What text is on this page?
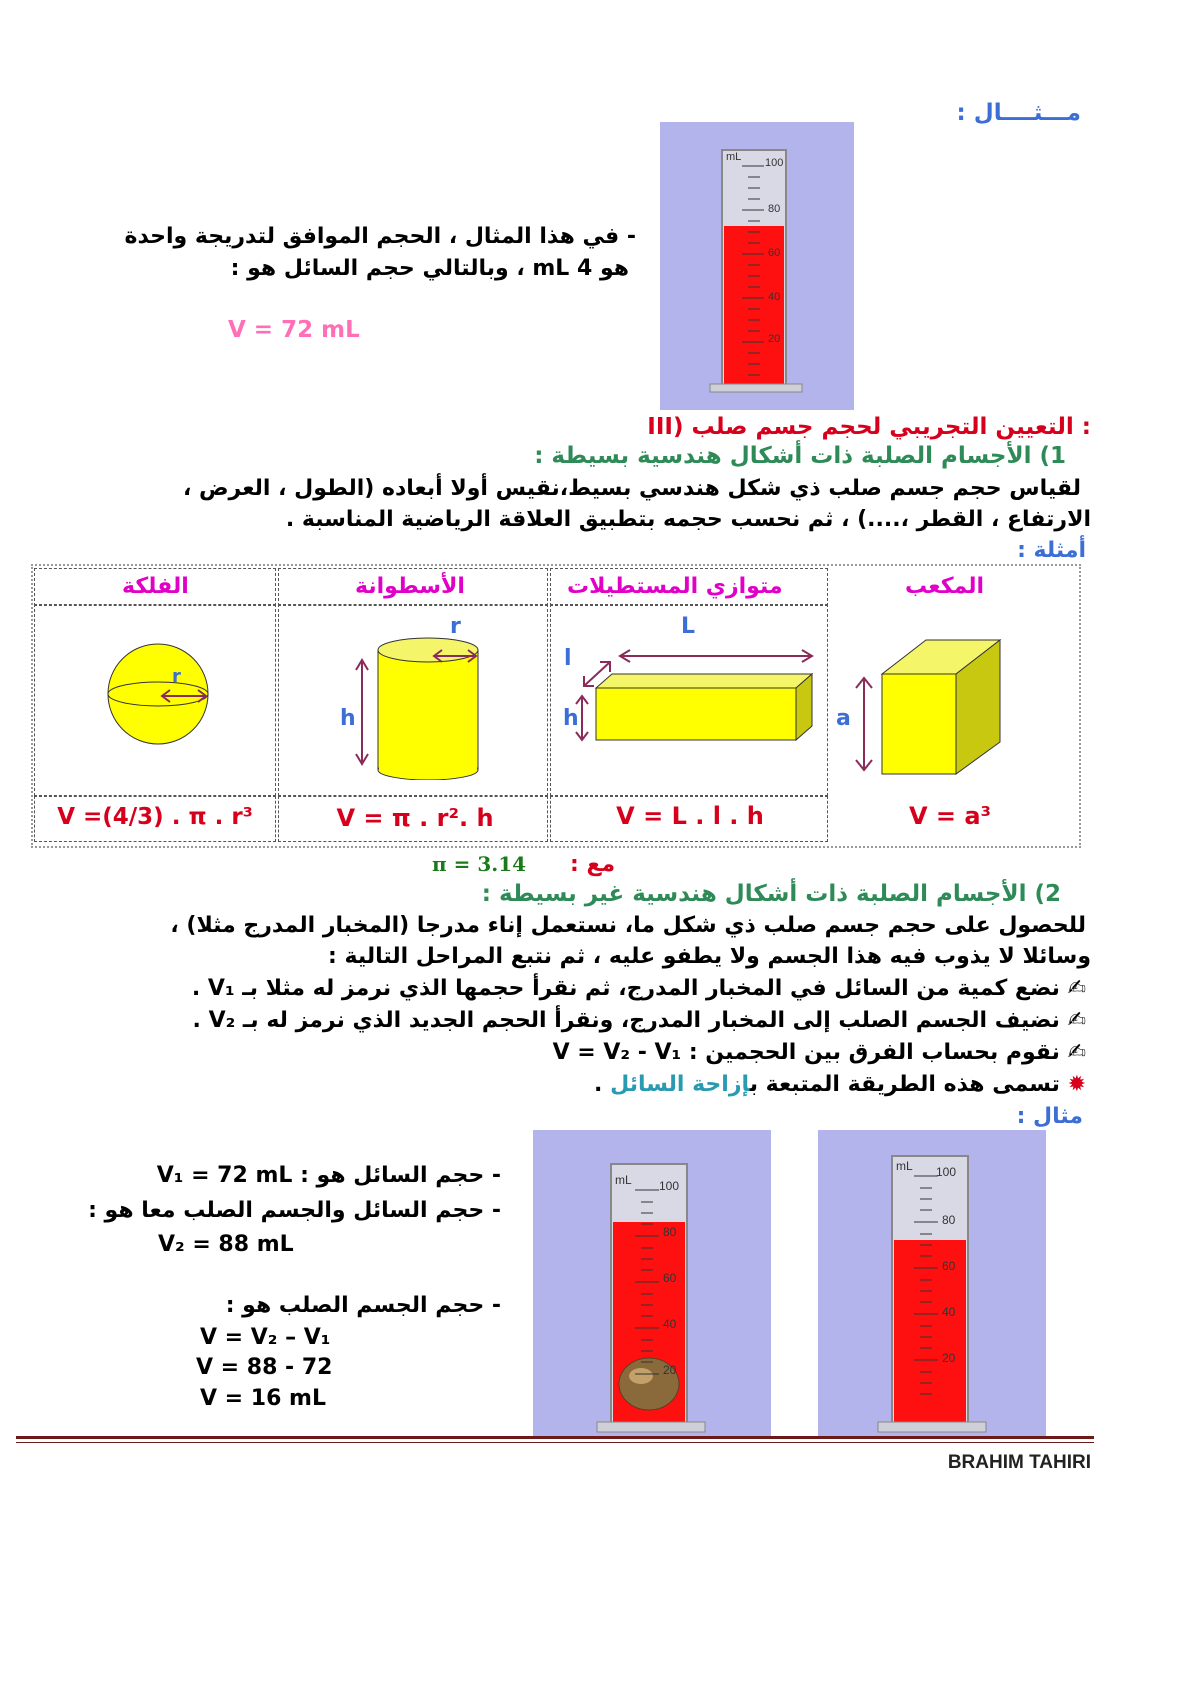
مـــثــــال :
mL 100
80
60
40
20
- في هذا المثال ، الحجم الموافق لتدريجة واحدة
هو 4 mL ، وبالتالي حجم السائل هو :
V = 72 mL
III) التعيين التجريبي لحجم جسم صلب :
1) الأجسام الصلبة ذات أشكال هندسية بسيطة :
لقياس حجم جسم صلب ذي شكل هندسي بسيط،نقيس أولا أبعاده (الطول ، العرض ،
الارتفاع ، القطر ،....) ، ثم نحسب حجمه بتطبيق العلاقة الرياضية المناسبة .
أمثلة :
المكعب
متوازي المستطيلات
الأسطوانة
الفلكة
a
L
l
h
r
h
r
V = a³
V = L . l . h
V = π . r². h
V =(4/3) . π . r³
مع :
π = 3.14
2) الأجسام الصلبة ذات أشكال هندسية غير بسيطة :
للحصول على حجم جسم صلب ذي شكل ما، نستعمل إناء مدرجا (المخبار المدرج مثلا) ،
وسائلا لا يذوب فيه هذا الجسم ولا يطفو عليه ، ثم نتبع المراحل التالية :
✍ نضع كمية من السائل في المخبار المدرج، ثم نقرأ حجمها الذي نرمز له مثلا بـ V₁ .
✍ نضيف الجسم الصلب إلى المخبار المدرج، ونقرأ الحجم الجديد الذي نرمز له بـ V₂ .
✍ نقوم بحساب الفرق بين الحجمين : V = V₂ - V₁
✹ تسمى هذه الطريقة المتبعة بإزاحة السائل .
مثال :
- حجم السائل هو : V₁ = 72 mL
- حجم السائل والجسم الصلب معا هو :
V₂ = 88 mL
- حجم الجسم الصلب هو :
V = V₂ – V₁
V = 88 - 72
V = 16 mL
mL 100
80
60
40
20
mL 100
80
60
40
20
BRAHIM TAHIRI
